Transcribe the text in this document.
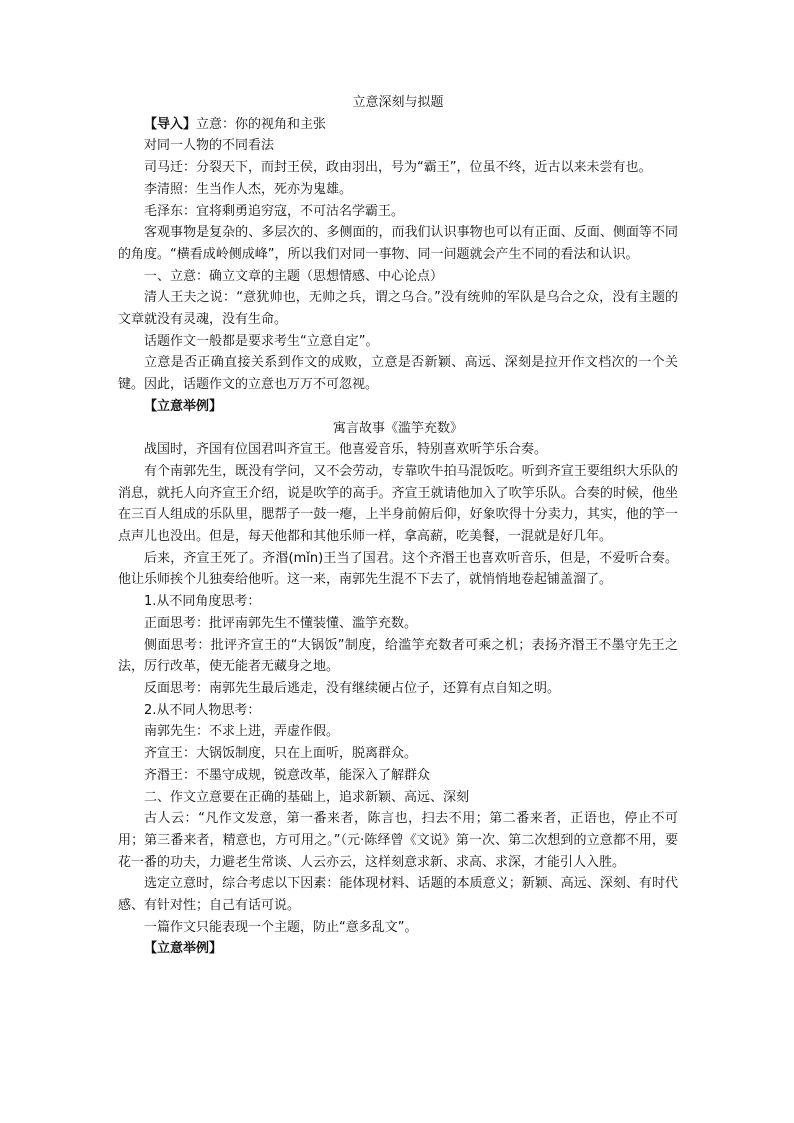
立意深刻与拟题

【导入】立意：你的视角和主张

对同一人物的不同看法

司马迁：分裂天下，而封王侯，政由羽出，号为“霸王”，位虽不终，近古以来未尝有也。

李清照：生当作人杰，死亦为鬼雄。

毛泽东：宜将剩勇追穷寇，不可沽名学霸王。

客观事物是复杂的、多层次的、多侧面的，而我们认识事物也可以有正面、反面、侧面等不同的角度。“横看成岭侧成峰”，所以我们对同一事物、同一问题就会产生不同的看法和认识。

一、立意：确立文章的主题（思想情感、中心论点）

清人王夫之说：“意犹帅也，无帅之兵，谓之乌合。”没有统帅的军队是乌合之众，没有主题的文章就没有灵魂，没有生命。

话题作文一般都是要求考生“立意自定”。

立意是否正确直接关系到作文的成败，立意是否新颖、高远、深刻是拉开作文档次的一个关键。因此，话题作文的立意也万万不可忽视。

【立意举例】

寓言故事《滥竽充数》

战国时，齐国有位国君叫齐宣王。他喜爱音乐，特别喜欢听竽乐合奏。

有个南郭先生，既没有学问，又不会劳动，专靠吹牛拍马混饭吃。听到齐宣王要组织大乐队的消息，就托人向齐宣王介绍，说是吹竽的高手。齐宣王就请他加入了吹竽乐队。合奏的时候，他坐在三百人组成的乐队里，腮帮子一鼓一瘪，上半身前俯后仰，好象吹得十分卖力，其实，他的竽一点声儿也没出。但是，每天他都和其他乐师一样，拿高薪，吃美餐，一混就是好几年。

后来，齐宣王死了。齐湣(mǐn)王当了国君。这个齐湣王也喜欢听音乐，但是，不爱听合奏。他让乐师挨个儿独奏给他听。这一来，南郭先生混不下去了，就悄悄地卷起铺盖溜了。

1.从不同角度思考：

正面思考：批评南郭先生不懂装懂、滥竽充数。

侧面思考：批评齐宣王的“大锅饭”制度，给滥竽充数者可乘之机；表扬齐湣王不墨守先王之法，厉行改革，使无能者无藏身之地。

反面思考：南郭先生最后逃走，没有继续硬占位子，还算有点自知之明。

2.从不同人物思考：

南郭先生：不求上进，弄虚作假。

齐宣王：大锅饭制度，只在上面听，脱离群众。

齐湣王：不墨守成规，锐意改革，能深入了解群众

二、作文立意要在正确的基础上，追求新颖、高远、深刻

古人云：“凡作文发意，第一番来者，陈言也，扫去不用；第二番来者，正语也，停止不可用；第三番来者，精意也，方可用之。”（元·陈绎曾《文说》第一次、第二次想到的立意都不用，要花一番的功夫，力避老生常谈、人云亦云，这样刻意求新、求高、求深，才能引人入胜。

选定立意时，综合考虑以下因素：能体现材料、话题的本质意义；新颖、高远、深刻、有时代感、有针对性；自己有话可说。

一篇作文只能表现一个主题，防止“意多乱文”。

【立意举例】
